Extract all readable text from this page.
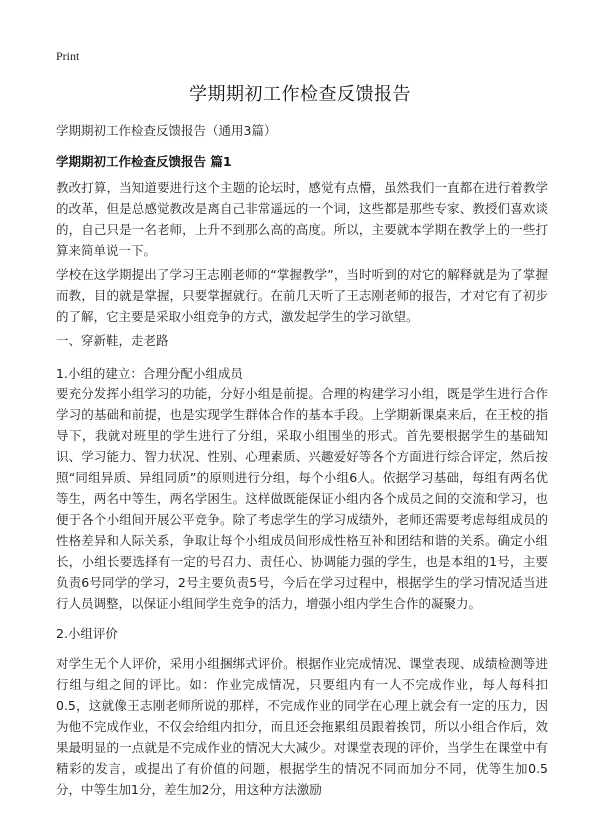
Print
学期期初工作检查反馈报告
学期期初工作检查反馈报告（通用3篇）
学期期初工作检查反馈报告 篇1

教改打算，当知道要进行这个主题的论坛时，感觉有点懵，虽然我们一直都在进行着教学的改革，但是总感觉教改是离自己非常遥远的一个词，这些都是那些专家、教授们喜欢谈的，自己只是一名老师，上升不到那么高的高度。所以，主要就本学期在教学上的一些打算来简单说一下。

学校在这学期提出了学习王志刚老师的“掌握教学”，当时听到的对它的解释就是为了掌握而教，目的就是掌握，只要掌握就行。在前几天听了王志刚老师的报告，才对它有了初步的了解，它主要是采取小组竞争的方式，激发起学生的学习欲望。

一、穿新鞋，走老路

1.小组的建立：合理分配小组成员

要充分发挥小组学习的功能，分好小组是前提。合理的构建学习小组，既是学生进行合作学习的基础和前提，也是实现学生群体合作的基本手段。上学期新课桌来后，在王校的指导下，我就对班里的学生进行了分组，采取小组围坐的形式。首先要根据学生的基础知识、学习能力、智力状况、性别、心理素质、兴趣爱好等各个方面进行综合评定，然后按照“同组异质、异组同质”的原则进行分组，每个小组6人。依据学习基础，每组有两名优等生，两名中等生，两名学困生。这样做既能保证小组内各个成员之间的交流和学习，也便于各个小组间开展公平竞争。除了考虑学生的学习成绩外，老师还需要考虑每组成员的性格差异和人际关系，争取让每个小组成员间形成性格互补和团结和谐的关系。确定小组长，小组长要选择有一定的号召力、责任心、协调能力强的学生，也是本组的1号，主要负责6号同学的学习，2号主要负责5号，今后在学习过程中，根据学生的学习情况适当进行人员调整，以保证小组间学生竞争的活力，增强小组内学生合作的凝聚力。

2.小组评价

对学生无个人评价，采用小组捆绑式评价。根据作业完成情况、课堂表现、成绩检测等进行组与组之间的评比。如：作业完成情况，只要组内有一人不完成作业，每人每科扣0.5，这就像王志刚老师所说的那样，不完成作业的同学在心理上就会有一定的压力，因为他不完成作业，不仅会给组内扣分，而且还会拖累组员跟着挨罚，所以小组合作后，效果最明显的一点就是不完成作业的情况大大减少。对课堂表现的评价，当学生在课堂中有精彩的发言，或提出了有价值的问题，根据学生的情况不同而加分不同，优等生加0.5分，中等生加1分，差生加2分，用这种方法激励
